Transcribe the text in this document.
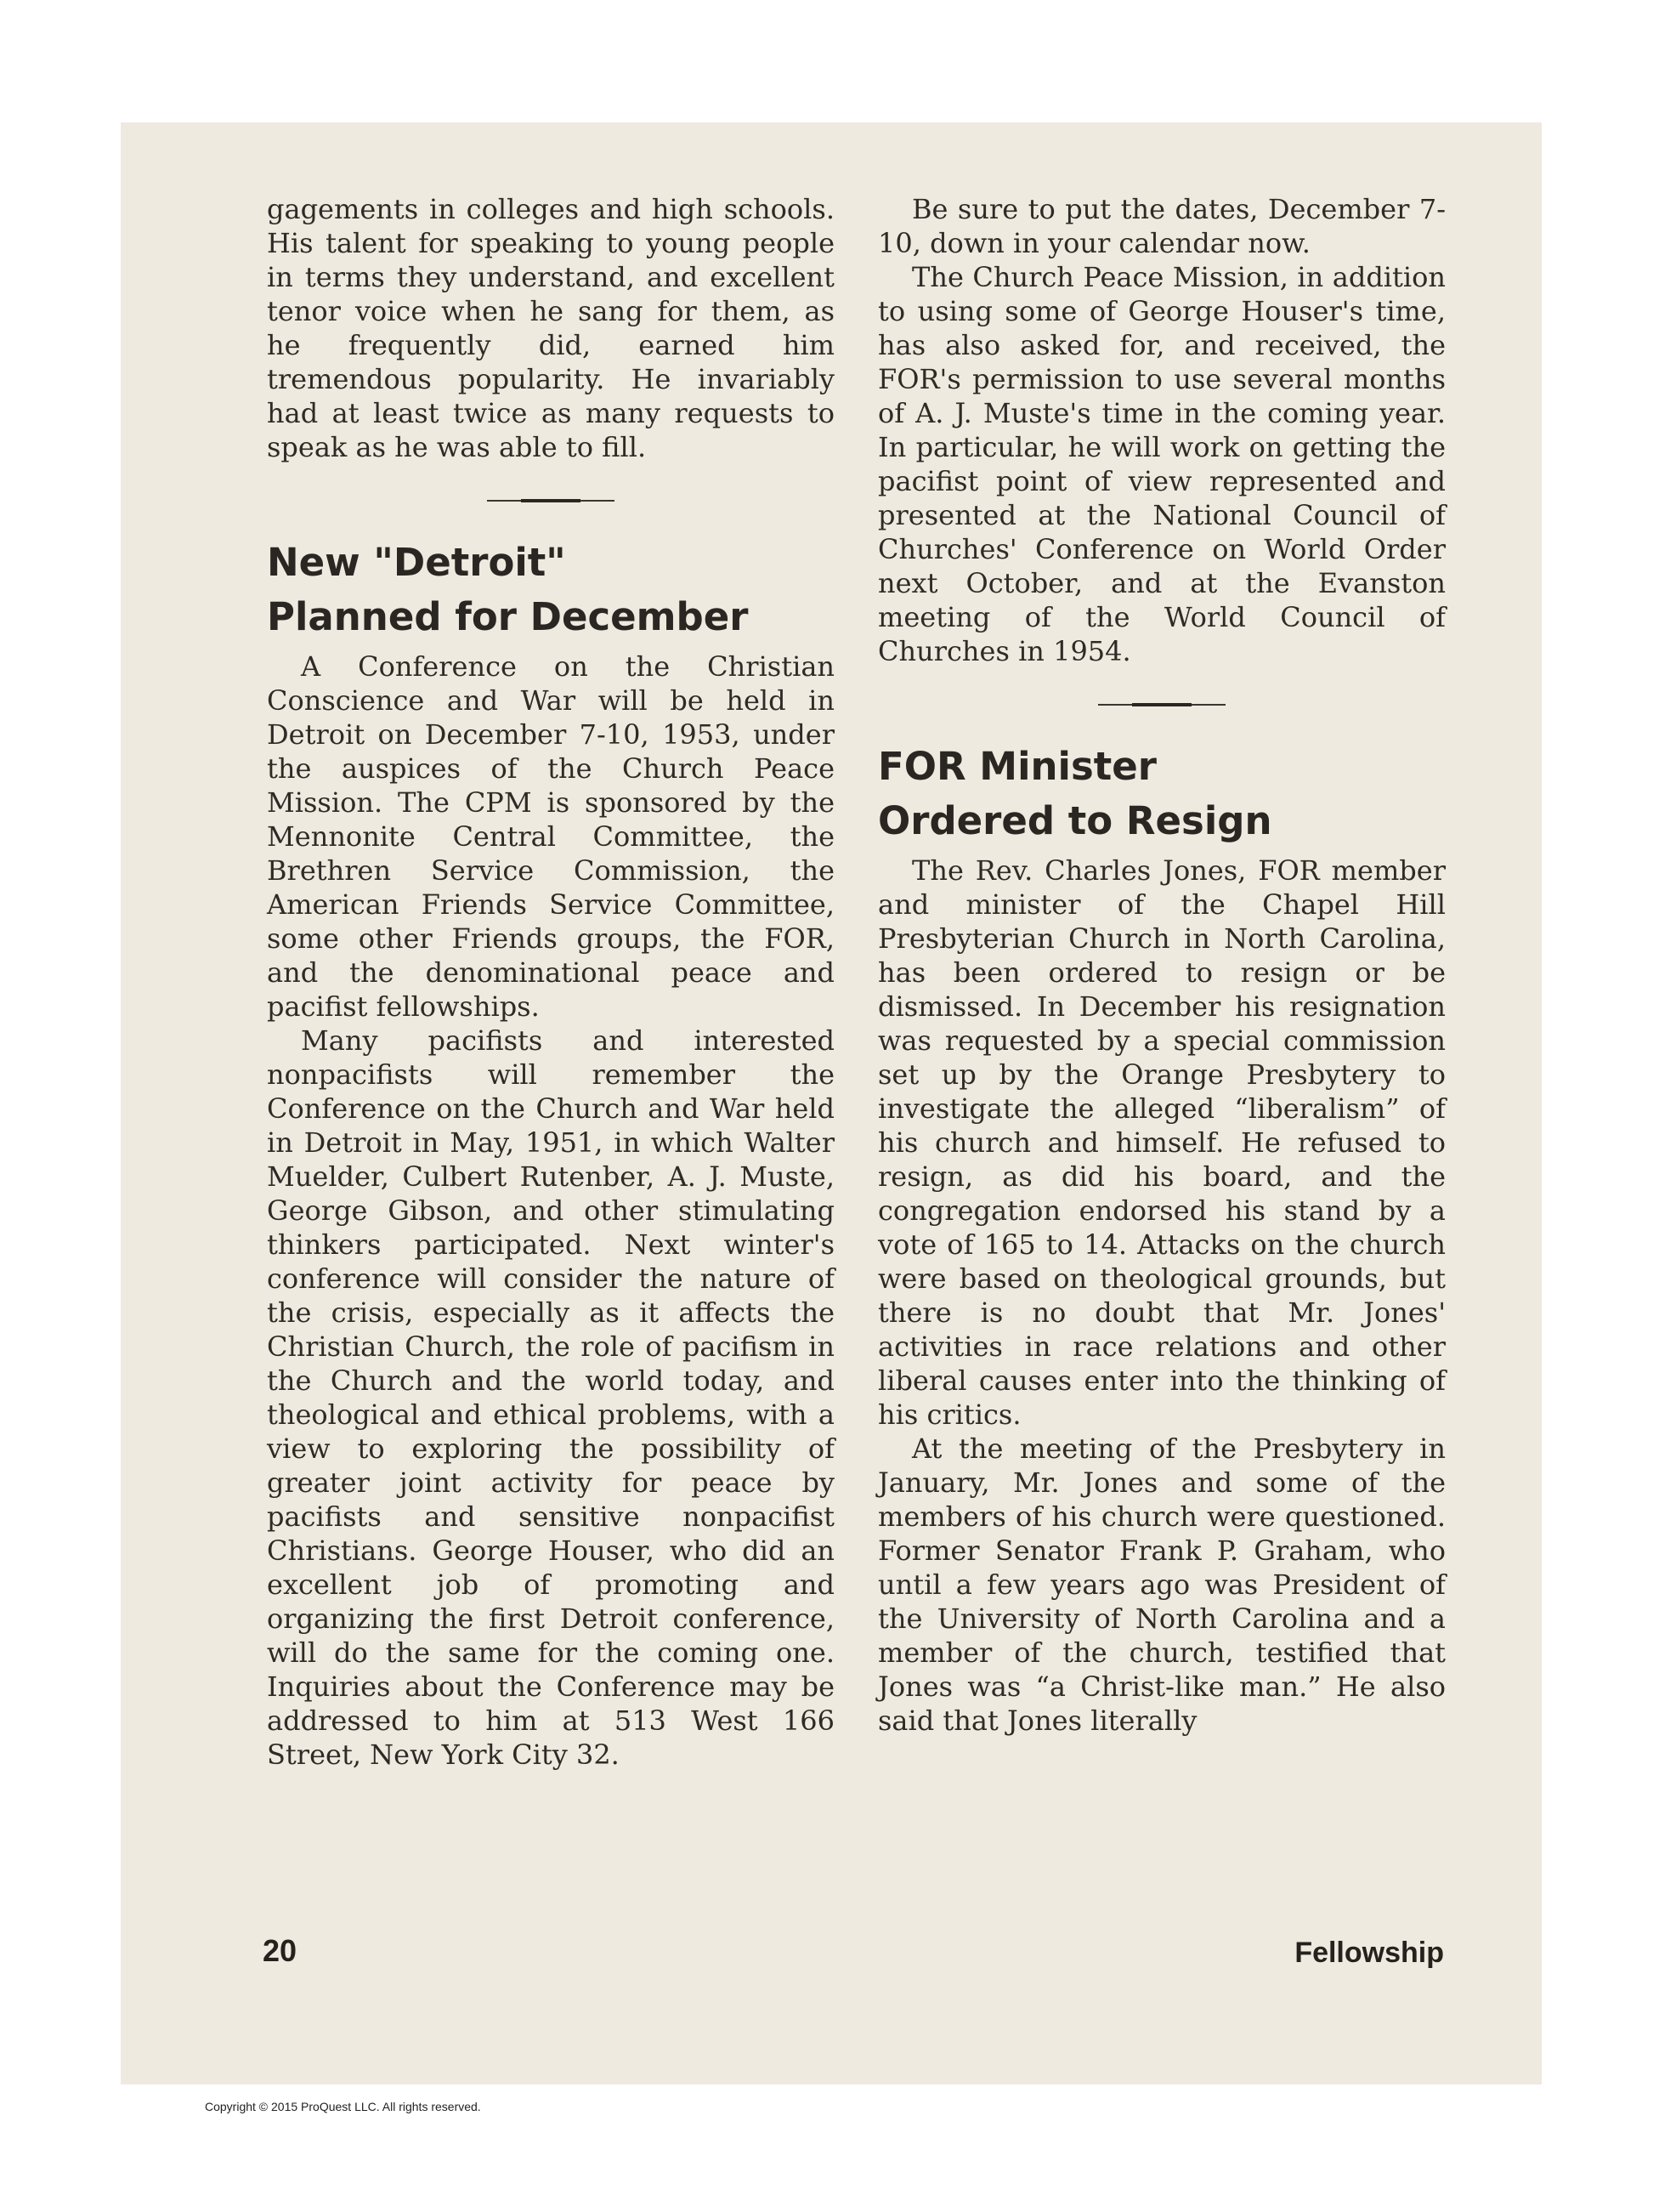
gagements in colleges and high schools. His talent for speaking to young people in terms they understand, and excellent tenor voice when he sang for them, as he frequently did, earned him tremendous popularity. He invariably had at least twice as many requests to speak as he was able to fill.

New "Detroit"
Planned for December

A Conference on the Christian Conscience and War will be held in Detroit on December 7-10, 1953, under the auspices of the Church Peace Mission. The CPM is sponsored by the Mennonite Central Committee, the Brethren Service Commission, the American Friends Service Committee, some other Friends groups, the FOR, and the denominational peace and pacifist fellowships.

Many pacifists and interested nonpacifists will remember the Conference on the Church and War held in Detroit in May, 1951, in which Walter Muelder, Culbert Rutenber, A. J. Muste, George Gibson, and other stimulating thinkers participated. Next winter's conference will consider the nature of the crisis, especially as it affects the Christian Church, the role of pacifism in the Church and the world today, and theological and ethical problems, with a view to exploring the possibility of greater joint activity for peace by pacifists and sensitive nonpacifist Christians. George Houser, who did an excellent job of promoting and organizing the first Detroit conference, will do the same for the coming one. Inquiries about the Conference may be addressed to him at 513 West 166 Street, New York City 32.

Be sure to put the dates, December 7-10, down in your calendar now.

The Church Peace Mission, in addition to using some of George Houser's time, has also asked for, and received, the FOR's permission to use several months of A. J. Muste's time in the coming year. In particular, he will work on getting the pacifist point of view represented and presented at the National Council of Churches' Conference on World Order next October, and at the Evanston meeting of the World Council of Churches in 1954.

FOR Minister
Ordered to Resign

The Rev. Charles Jones, FOR member and minister of the Chapel Hill Presbyterian Church in North Carolina, has been ordered to resign or be dismissed. In December his resignation was requested by a special commission set up by the Orange Presbytery to investigate the alleged “liberalism” of his church and himself. He refused to resign, as did his board, and the congregation endorsed his stand by a vote of 165 to 14. Attacks on the church were based on theological grounds, but there is no doubt that Mr. Jones' activities in race relations and other liberal causes enter into the thinking of his critics.

At the meeting of the Presbytery in January, Mr. Jones and some of the members of his church were questioned. Former Senator Frank P. Graham, who until a few years ago was President of the University of North Carolina and a member of the church, testified that Jones was “a Christ-like man.” He also said that Jones literally

20	Fellowship
Copyright © 2015 ProQuest LLC. All rights reserved.
